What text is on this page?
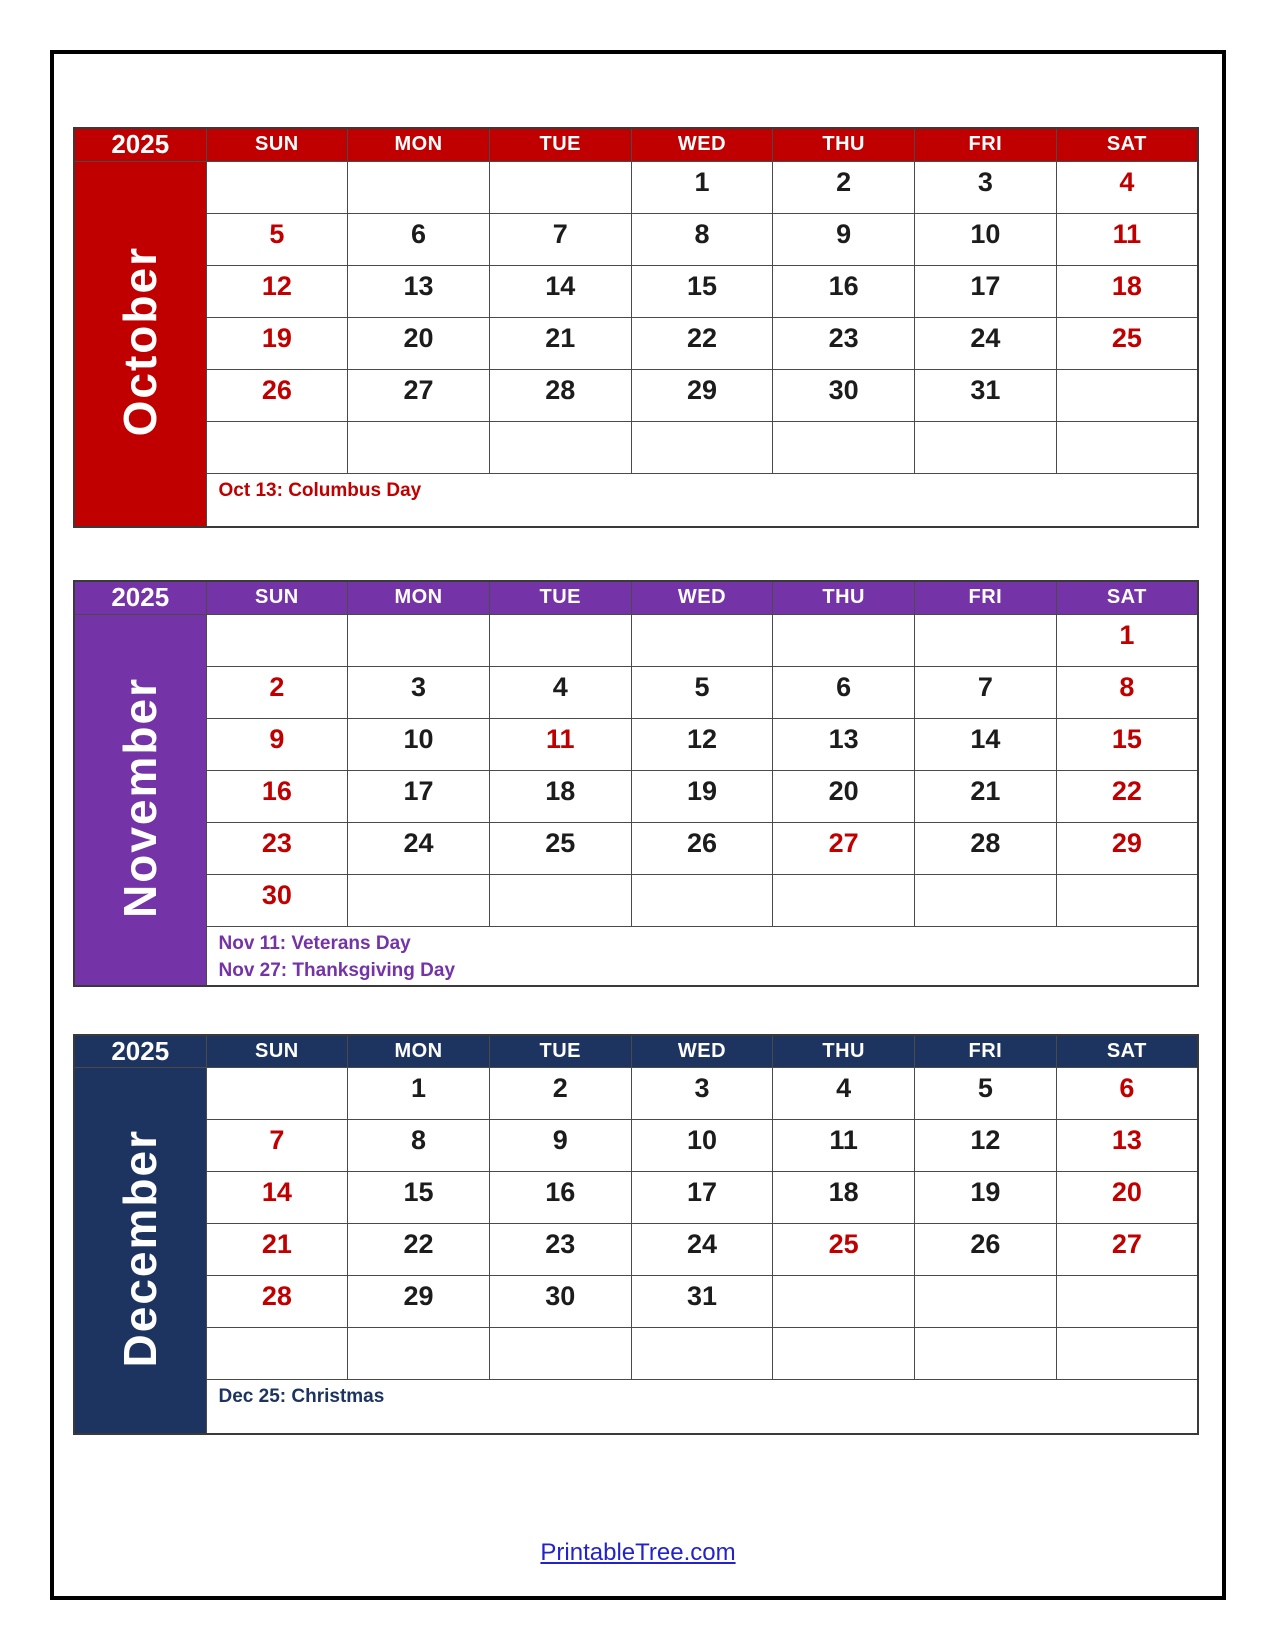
2025	SUN	MON	TUE	WED	THU	FRI	SAT
October				1	2	3	4
	5	6	7	8	9	10	11
	12	13	14	15	16	17	18
	19	20	21	22	23	24	25
	26	27	28	29	30	31	

	Oct 13: Columbus Day						
2025	SUN	MON	TUE	WED	THU	FRI	SAT
November							1
	2	3	4	5	6	7	8
	9	10	11	12	13	14	15
	16	17	18	19	20	21	22
	23	24	25	26	27	28	29
	30						

	Nov 11: Veterans Day
Nov 27: Thanksgiving Day						
2025	SUN	MON	TUE	WED	THU	FRI	SAT
December		1	2	3	4	5	6
	7	8	9	10	11	12	13
	14	15	16	17	18	19	20
	21	22	23	24	25	26	27
	28	29	30	31			

	Dec 25: Christmas						
PrintableTree.com
